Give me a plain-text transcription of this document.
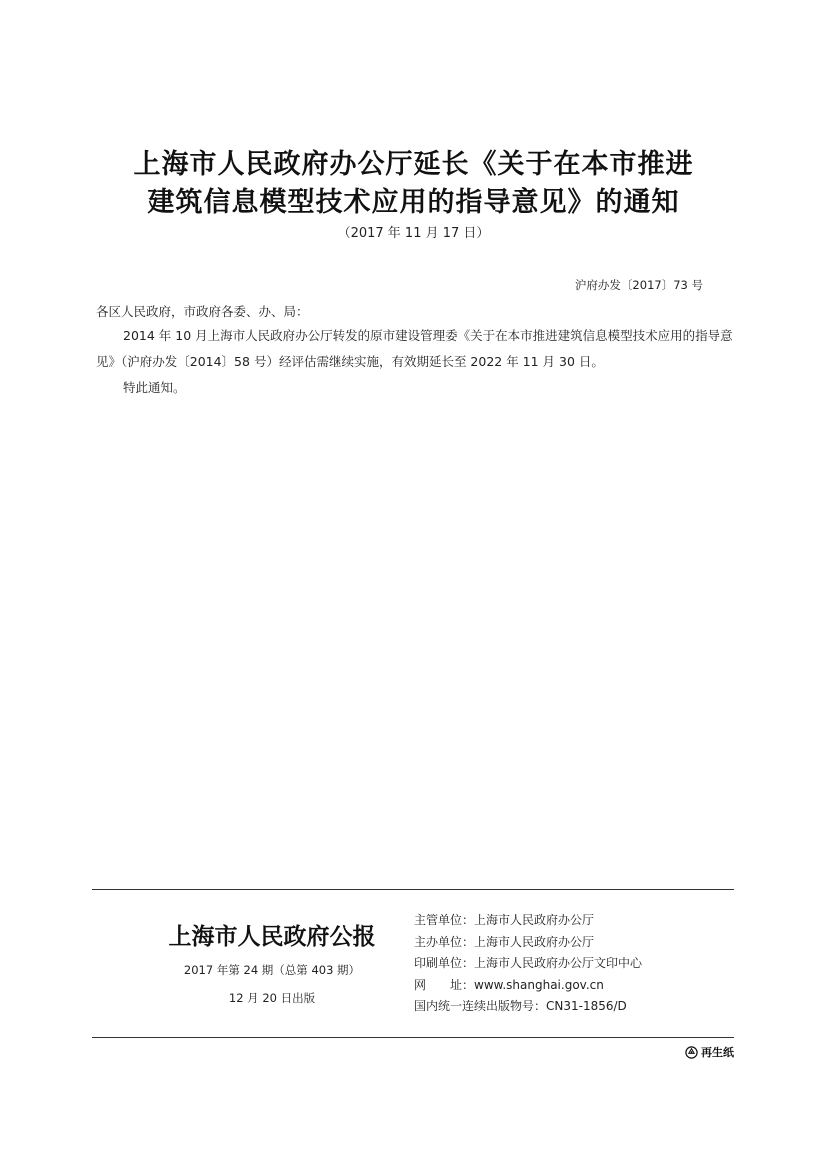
上海市人民政府办公厅延长《关于在本市推进
建筑信息模型技术应用的指导意见》的通知
（2017 年 11 月 17 日）
沪府办发〔2017〕73 号
各区人民政府，市政府各委、办、局：
2014 年 10 月上海市人民政府办公厅转发的原市建设管理委《关于在本市推进建筑信息模型技术应用的指导意见》（沪府办发〔2014〕58 号）经评估需继续实施，有效期延长至 2022 年 11 月 30 日。
特此通知。
上海市人民政府公报
2017 年第 24 期（总第 403 期）
12 月 20 日出版
主管单位：上海市人民政府办公厅
主办单位：上海市人民政府办公厅
印刷单位：上海市人民政府办公厅文印中心
网　　址：www.shanghai.gov.cn
国内统一连续出版物号：CN31-1856/D
再生纸
